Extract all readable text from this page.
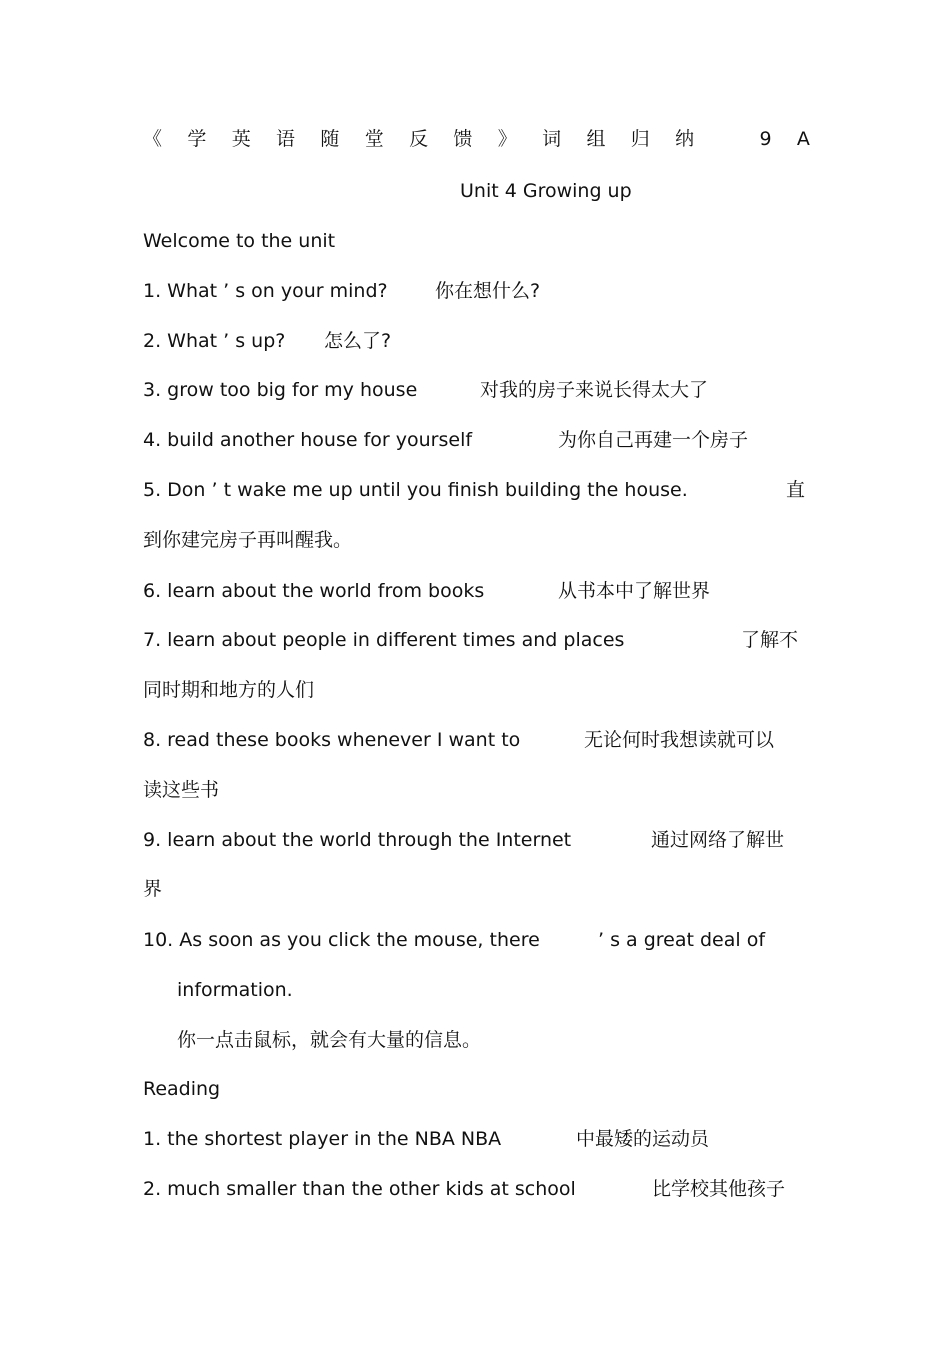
《 学 英 语 随 堂 反 馈 》 词 组 归 纳	9 A
Unit 4 Growing up
Welcome to the unit
1. What ’ s on your mind? 你在想什么?
2. What ’ s up? 怎么了?
3. grow too big for my house	对我的房子来说长得太大了
4. build another house for yourself	为你自己再建一个房子
5. Don ’ t wake me up until you finish building the house.	直
到你建完房子再叫醒我。
6. learn about the world from books	从书本中了解世界
7. learn about people in different times and places	了解不
同时期和地方的人们
8. read these books whenever I want to	无论何时我想读就可以
读这些书
9. learn about the world through the Internet	通过网络了解世
界
10. As soon as you click the mouse, there	’ s a great deal of
information.
你一点击鼠标，就会有大量的信息。
Reading
1. the shortest player in the NBA NBA	中最矮的运动员
2. much smaller than the other kids at school	比学校其他孩子
